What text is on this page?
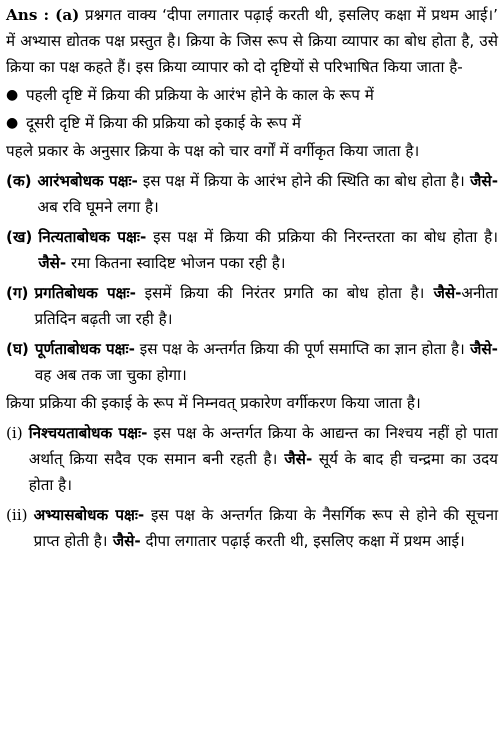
Ans : (a) प्रश्नगत वाक्य ‘दीपा लगातार पढ़ाई करती थी, इसलिए कक्षा में प्रथम आई।’ में अभ्यास द्योतक पक्ष प्रस्तुत है। क्रिया के जिस रूप से क्रिया व्यापार का बोध होता है, उसे क्रिया का पक्ष कहते हैं। इस क्रिया व्यापार को दो दृष्टियों से परिभाषित किया जाता है-

● पहली दृष्टि में क्रिया की प्रक्रिया के आरंभ होने के काल के रूप में
● दूसरी दृष्टि में क्रिया की प्रक्रिया को इकाई के रूप में

पहले प्रकार के अनुसार क्रिया के पक्ष को चार वर्गों में वर्गीकृत किया जाता है।

(क) आरंभबोधक पक्षः- इस पक्ष में क्रिया के आरंभ होने की स्थिति का बोध होता है। जैसे-अब रवि घूमने लगा है।
(ख) नित्यताबोधक पक्षः- इस पक्ष में क्रिया की प्रक्रिया की निरन्तरता का बोध होता है। जैसे- रमा कितना स्वादिष्ट भोजन पका रही है।
(ग) प्रगतिबोधक पक्षः- इसमें क्रिया की निरंतर प्रगति का बोध होता है। जैसे-अनीता प्रतिदिन बढ़ती जा रही है।
(घ) पूर्णताबोधक पक्षः- इस पक्ष के अन्तर्गत क्रिया की पूर्ण समाप्ति का ज्ञान होता है। जैसे-वह अब तक जा चुका होगा।

क्रिया प्रक्रिया की इकाई के रूप में निम्नवत् प्रकारेण वर्गीकरण किया जाता है।

(i) निश्चयताबोधक पक्षः- इस पक्ष के अन्तर्गत क्रिया के आद्यन्त का निश्चय नहीं हो पाता अर्थात् क्रिया सदैव एक समान बनी रहती है। जैसे- सूर्य के बाद ही चन्द्रमा का उदय होता है।
(ii) अभ्यासबोधक पक्षः- इस पक्ष के अन्तर्गत क्रिया के नैसर्गिक रूप से होने की सूचना प्राप्त होती है। जैसे- दीपा लगातार पढ़ाई करती थी, इसलिए कक्षा में प्रथम आई।
